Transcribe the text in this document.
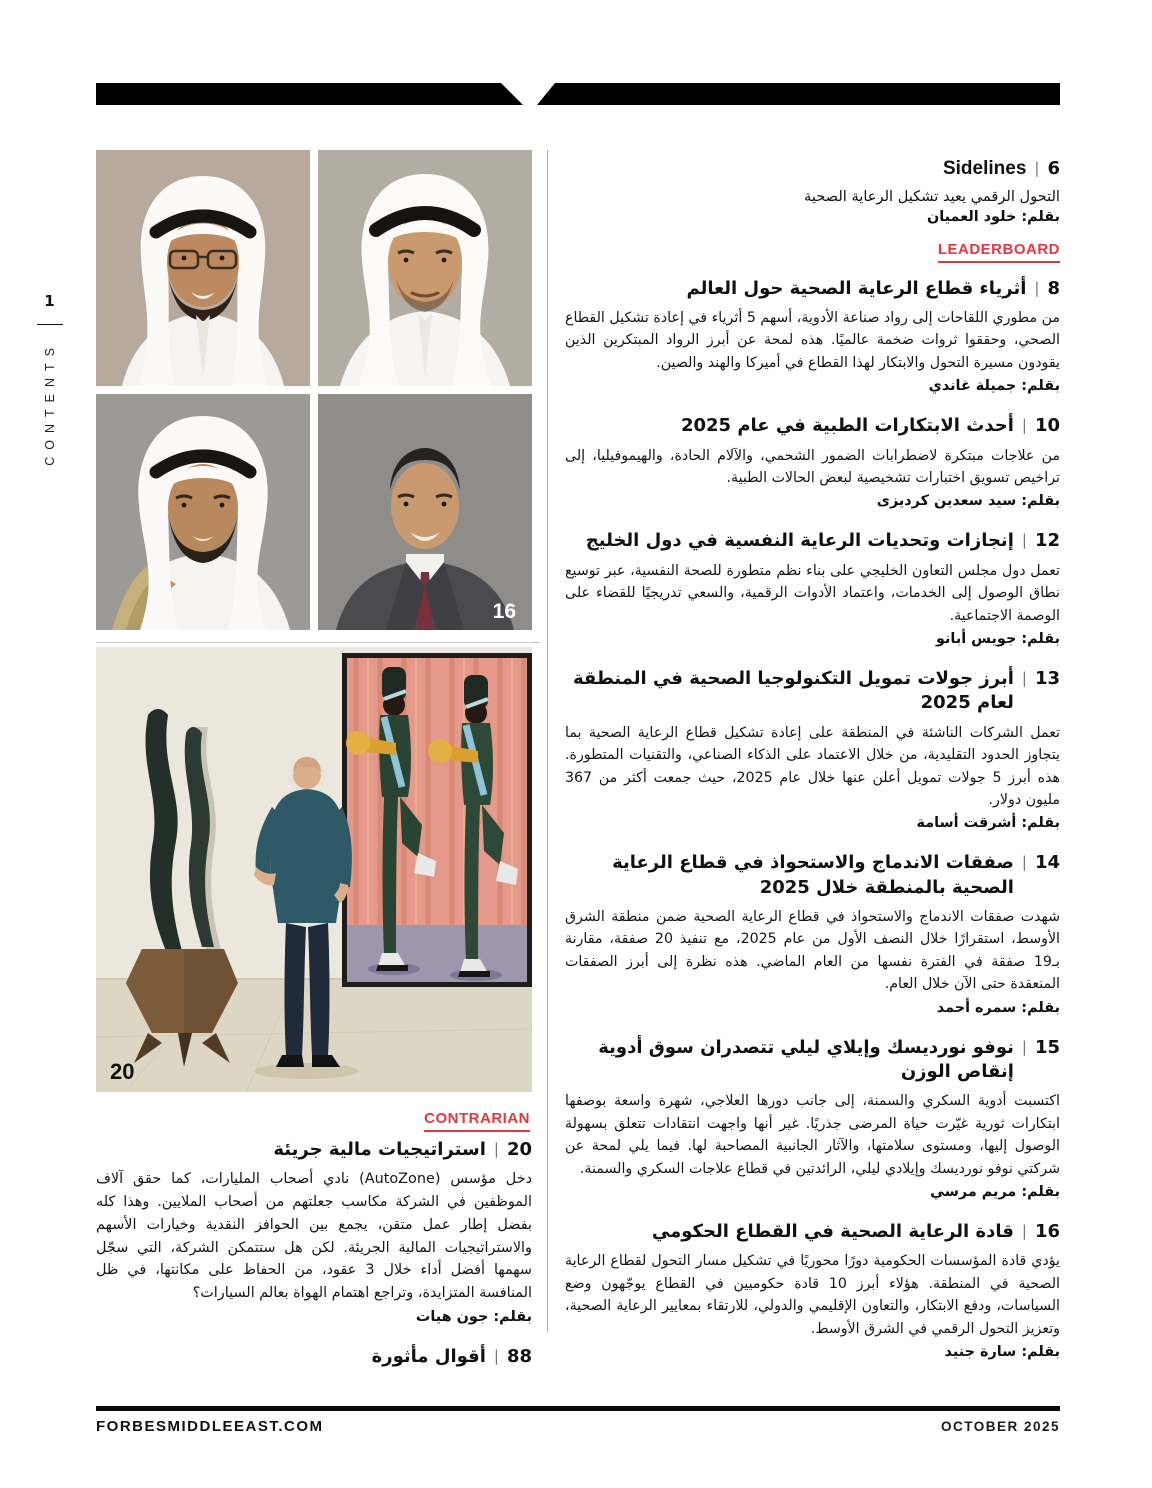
1
CONTENTS
16
20
CONTRARIAN
20
|
استراتيجيات مالية جريئة

دخل مؤسس (AutoZone) نادي أصحاب المليارات، كما حقق آلاف الموظفين في الشركة مكاسب جعلتهم من أصحاب الملايين. وهذا كله بفضل إطار عمل متقن، يجمع بين الحوافز النقدية وخيارات الأسهم والاستراتيجيات المالية الجريئة. لكن هل ستتمكن الشركة، التي سجّل سهمها أفضل أداء خلال 3 عقود، من الحفاظ على مكانتها، في ظل المنافسة المتزايدة، وتراجع اهتمام الهواة بعالم السيارات؟

بقلم: جون هيات

88
|
أقوال مأثورة
6
|
Sidelines

التحول الرقمي يعيد تشكيل الرعاية الصحية

بقلم: خلود العميان

LEADERBOARD
8
|
أثرياء قطاع الرعاية الصحية حول العالم

من مطوري اللقاحات إلى رواد صناعة الأدوية، أسهم 5 أثرياء في إعادة تشكيل القطاع الصحي، وحققوا ثروات ضخمة عالميًا. هذه لمحة عن أبرز الرواد المبتكرين الذين يقودون مسيرة التحول والابتكار لهذا القطاع في أميركا والهند والصين.

بقلم: جميلة غاندي

10
|
أحدث الابتكارات الطبية في عام 2025

من علاجات مبتكرة لاضطرابات الضمور الشحمي، والآلام الحادة، والهيموفيليا، إلى تراخيص تسويق اختبارات تشخيصية لبعض الحالات الطبية.

بقلم: سيد سعدين كرديزى

12
|
إنجازات وتحديات الرعاية النفسية في دول الخليج

تعمل دول مجلس التعاون الخليجي على بناء نظم متطورة للصحة النفسية، عبر توسيع نطاق الوصول إلى الخدمات، واعتماد الأدوات الرقمية، والسعي تدريجيًا للقضاء على الوصمة الاجتماعية.

بقلم: جويس أبانو

13
|
أبرز جولات تمويل التكنولوجيا الصحية في المنطقة لعام 2025

تعمل الشركات الناشئة في المنطقة على إعادة تشكيل قطاع الرعاية الصحية بما يتجاوز الحدود التقليدية، من خلال الاعتماد على الذكاء الصناعي، والتقنيات المتطورة. هذه أبرز 5 جولات تمويل أعلن عنها خلال عام 2025، حيث جمعت أكثر من 367 مليون دولار.

بقلم: أشرقت أسامة

14
|
صفقات الاندماج والاستحواذ في قطاع الرعاية الصحية بالمنطقة خلال 2025

شهدت صفقات الاندماج والاستحواذ في قطاع الرعاية الصحية ضمن منطقة الشرق الأوسط، استقرارًا خلال النصف الأول من عام 2025، مع تنفيذ 20 صفقة، مقارنة بـ19 صفقة في الفترة نفسها من العام الماضي. هذه نظرة إلى أبرز الصفقات المنعقدة حتى الآن خلال العام.

بقلم: سمره أحمد

15
|
نوفو نورديسك وإيلاي ليلي تتصدران سوق أدوية إنقاص الوزن

اكتسبت أدوية السكري والسمنة، إلى جانب دورها العلاجي، شهرة واسعة بوصفها ابتكارات ثورية غيّرت حياة المرضى جذريًا. غير أنها واجهت انتقادات تتعلق بسهولة الوصول إليها، ومستوى سلامتها، والآثار الجانبية المصاحبة لها. فيما يلي لمحة عن شركتي نوفو نورديسك وإيلادي ليلي، الرائدتين في قطاع علاجات السكري والسمنة.

بقلم: مريم مرسي

16
|
قادة الرعاية الصحية في القطاع الحكومي

يؤدي قادة المؤسسات الحكومية دورًا محوريًا في تشكيل مسار التحول لقطاع الرعاية الصحية في المنطقة. هؤلاء أبرز 10 قادة حكوميين في القطاع يوجّهون وضع السياسات، ودفع الابتكار، والتعاون الإقليمي والدولي، للارتقاء بمعايير الرعاية الصحية، وتعزيز التحول الرقمي في الشرق الأوسط.

بقلم: سارة جنيد

FORBESMIDDLEEAST.COM	OCTOBER 2025
